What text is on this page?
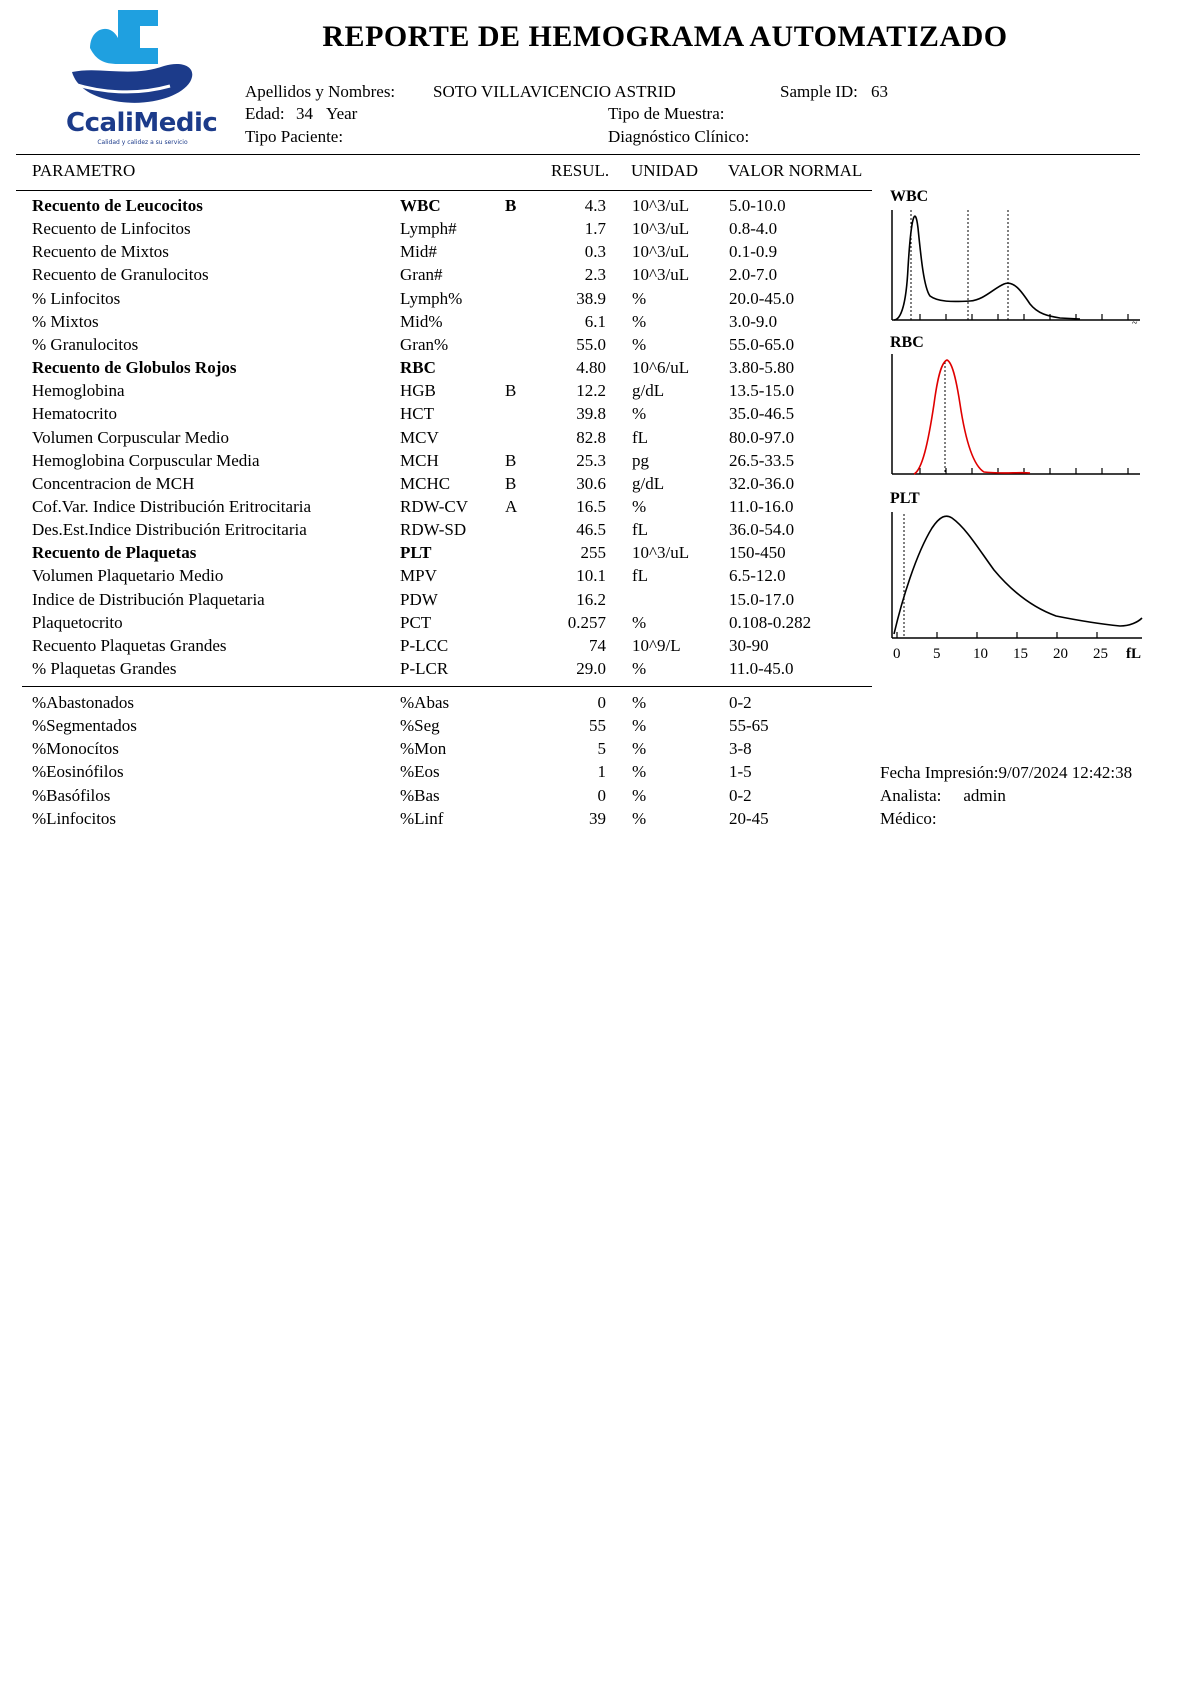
CcaliMedic
Calidad y calidez a su servicio
REPORTE DE HEMOGRAMA AUTOMATIZADO
Apellidos y Nombres: SOTO VILLAVICENCIO ASTRID	Sample ID: 63
Edad: 34 Year	Tipo de Muestra:
Tipo Paciente:	Diagnóstico Clínico:
PARAMETRO	RESUL. UNIDAD VALOR NORMAL
Recuento de Leucocitos	WBC	B	4.3 10^3/uL 5.0-10.0
Recuento de Linfocitos	Lymph#	1.7 10^3/uL 0.8-4.0
Recuento de Mixtos	Mid#	0.3 10^3/uL 0.1-0.9
Recuento de Granulocitos	Gran#	2.3 10^3/uL 2.0-7.0
% Linfocitos	Lymph%	38.9 %	20.0-45.0
% Mixtos	Mid%	6.1 %	3.0-9.0
% Granulocitos	Gran%	55.0 %	55.0-65.0
Recuento de Globulos Rojos	RBC	4.80 10^6/uL 3.80-5.80
Hemoglobina	HGB	B	12.2 g/dL	13.5-15.0
Hematocrito	HCT	39.8 %	35.0-46.5
Volumen Corpuscular Medio	MCV	82.8 fL	80.0-97.0
Hemoglobina Corpuscular Media	MCH	B	25.3 pg	26.5-33.5
Concentracion de MCH	MCHC	B	30.6 g/dL	32.0-36.0
Cof.Var. Indice Distribución Eritrocitaria	RDW-CV A	16.5 %	11.0-16.0
Des.Est.Indice Distribución Eritrocitaria	RDW-SD	46.5 fL	36.0-54.0
Recuento de Plaquetas	PLT	255 10^3/uL 150-450
Volumen Plaquetario Medio	MPV	10.1 fL	6.5-12.0
Indice de Distribución Plaquetaria	PDW	16.2	15.0-17.0
Plaquetocrito	PCT	0.257 %	0.108-0.282
Recuento Plaquetas Grandes	P-LCC	74 10^9/L	30-90
% Plaquetas Grandes	P-LCR	29.0 %	11.0-45.0
%Abastonados	%Abas	0 %	0-2
%Segmentados	%Seg	55 %	55-65
%Monocítos	%Mon	5 %	3-8
%Eosinófilos	%Eos	1 %	1-5
%Basófilos	%Bas	0 %	0-2
%Linfocitos	%Linf	39 %	20-45
WBC
~
RBC
PLT
0 5 10 15 20 25 fL
Fecha Impresión:9/07/2024 12:42:38
Analista: admin
Médico:
